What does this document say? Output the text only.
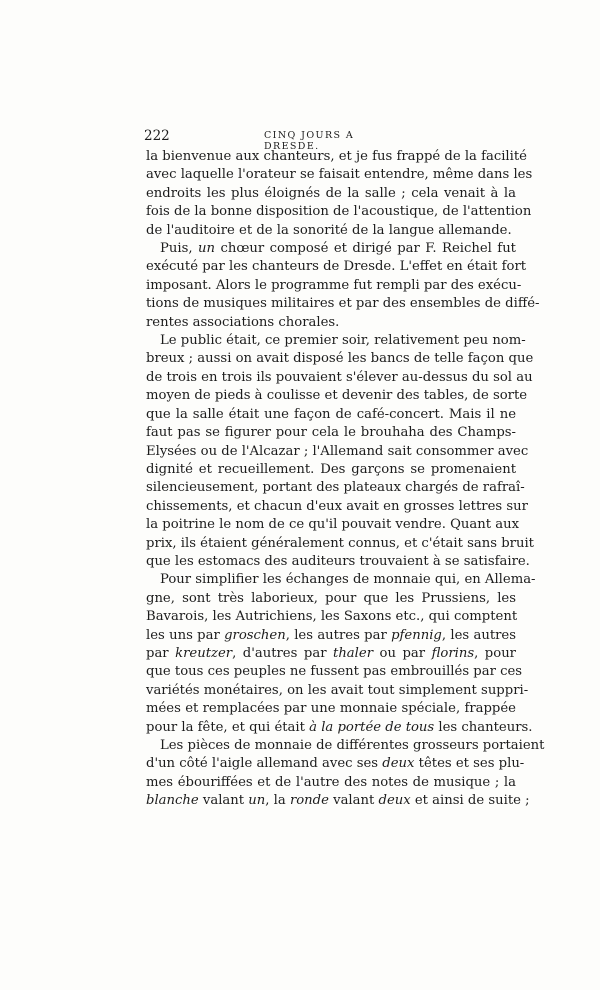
222	CINQ JOURS A DRESDE.

la bienvenue aux chanteurs, et je fus frappé de la facilité
avec laquelle l'orateur se faisait entendre, même dans les
endroits les plus éloignés de la salle ; cela venait à la
fois de la bonne disposition de l'acoustique, de l'attention
de l'auditoire et de la sonorité de la langue allemande.

Puis, un chœur composé et dirigé par F. Reichel fut
exécuté par les chanteurs de Dresde. L'effet en était fort
imposant. Alors le programme fut rempli par des exécu-
tions de musiques militaires et par des ensembles de diffé-
rentes associations chorales.

Le public était, ce premier soir, relativement peu nom-
breux ; aussi on avait disposé les bancs de telle façon que
de trois en trois ils pouvaient s'élever au-dessus du sol au
moyen de pieds à coulisse et devenir des tables, de sorte
que la salle était une façon de café-concert. Mais il ne
faut pas se figurer pour cela le brouhaha des Champs-
Elysées ou de l'Alcazar ; l'Allemand sait consommer avec
dignité et recueillement. Des garçons se promenaient
silencieusement, portant des plateaux chargés de rafraî-
chissements, et chacun d'eux avait en grosses lettres sur
la poitrine le nom de ce qu'il pouvait vendre. Quant aux
prix, ils étaient généralement connus, et c'était sans bruit
que les estomacs des auditeurs trouvaient à se satisfaire.

Pour simplifier les échanges de monnaie qui, en Allema-
gne, sont très laborieux, pour que les Prussiens, les
Bavarois, les Autrichiens, les Saxons etc., qui comptent
les uns par groschen, les autres par pfennig, les autres
par kreutzer, d'autres par thaler ou par florins, pour
que tous ces peuples ne fussent pas embrouillés par ces
variétés monétaires, on les avait tout simplement suppri-
mées et remplacées par une monnaie spéciale, frappée
pour la fête, et qui était à la portée de tous les chanteurs.

Les pièces de monnaie de différentes grosseurs portaient
d'un côté l'aigle allemand avec ses deux têtes et ses plu-
mes ébouriffées et de l'autre des notes de musique ; la
blanche valant un, la ronde valant deux et ainsi de suite ;
